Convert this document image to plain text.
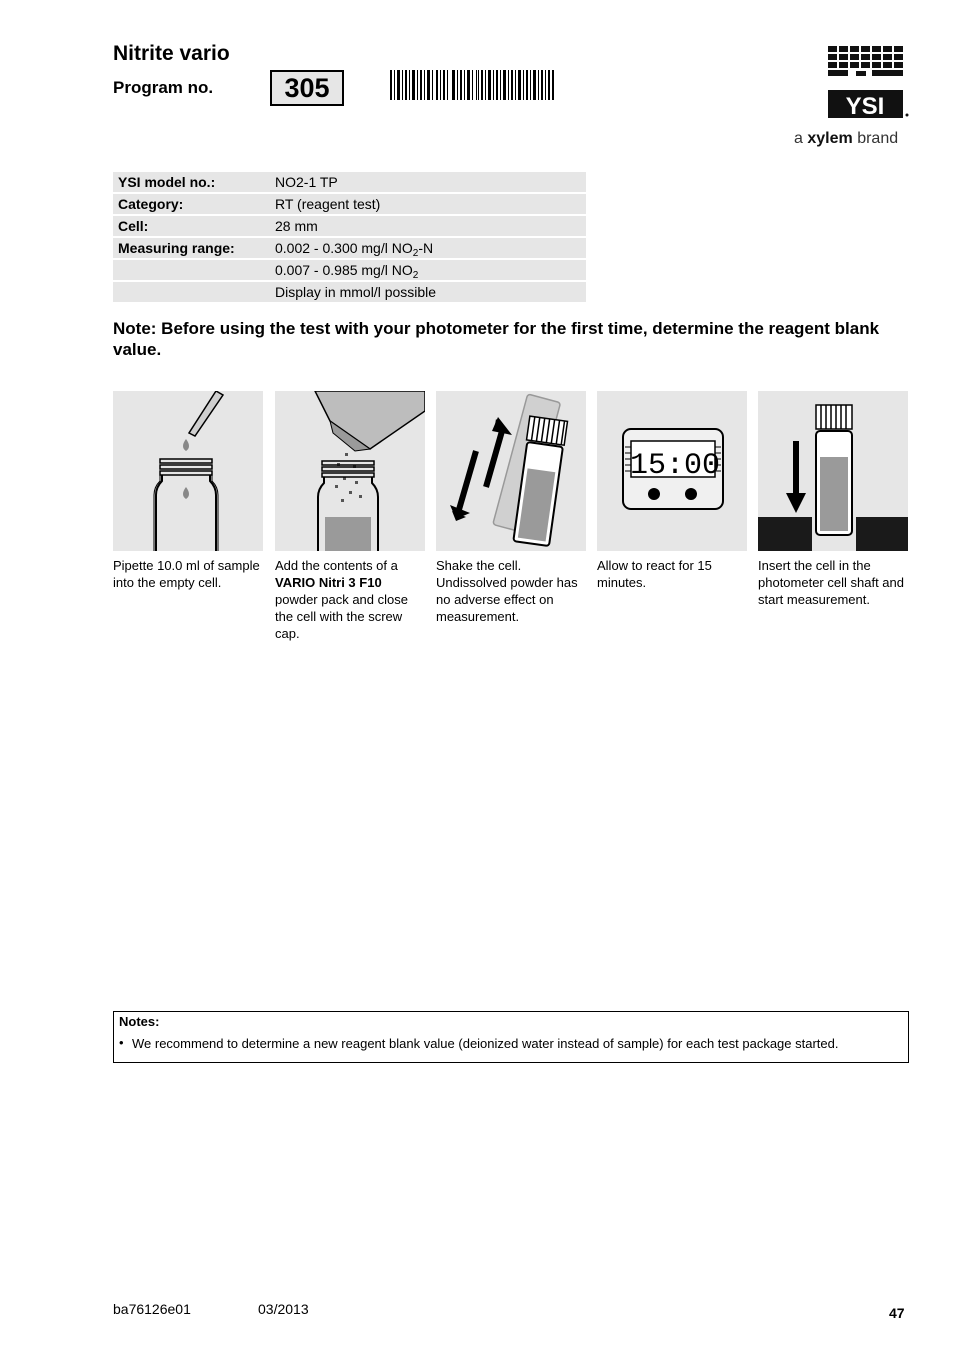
Nitrite vario
Program no.	305
YSI
a xylem brand
YSI model no.:	NO2-1 TP
Category:	RT (reagent test)
Cell:	28 mm
Measuring range:	0.002 - 0.300 mg/l $NO_2-N$
	0.007 - 0.985 mg/l $NO_2$
	Display in mmol/l possible
Note: Before using the test with your photometer for the first time, determine the reagent blank value.
Pipette 10.0 ml of sample into the empty cell.
Add the contents of a VARIO Nitri 3 F10 powder pack and close the cell with the screw cap.
Shake the cell. Undissolved powder has no adverse effect on measurement.
15:00
Allow to react for 15 minutes.
Insert the cell in the photometer cell shaft and start measurement.
Notes:
• We recommend to determine a new reagent blank value (deionized water instead of sample) for each test package started.
ba76126e01	03/2013	47
